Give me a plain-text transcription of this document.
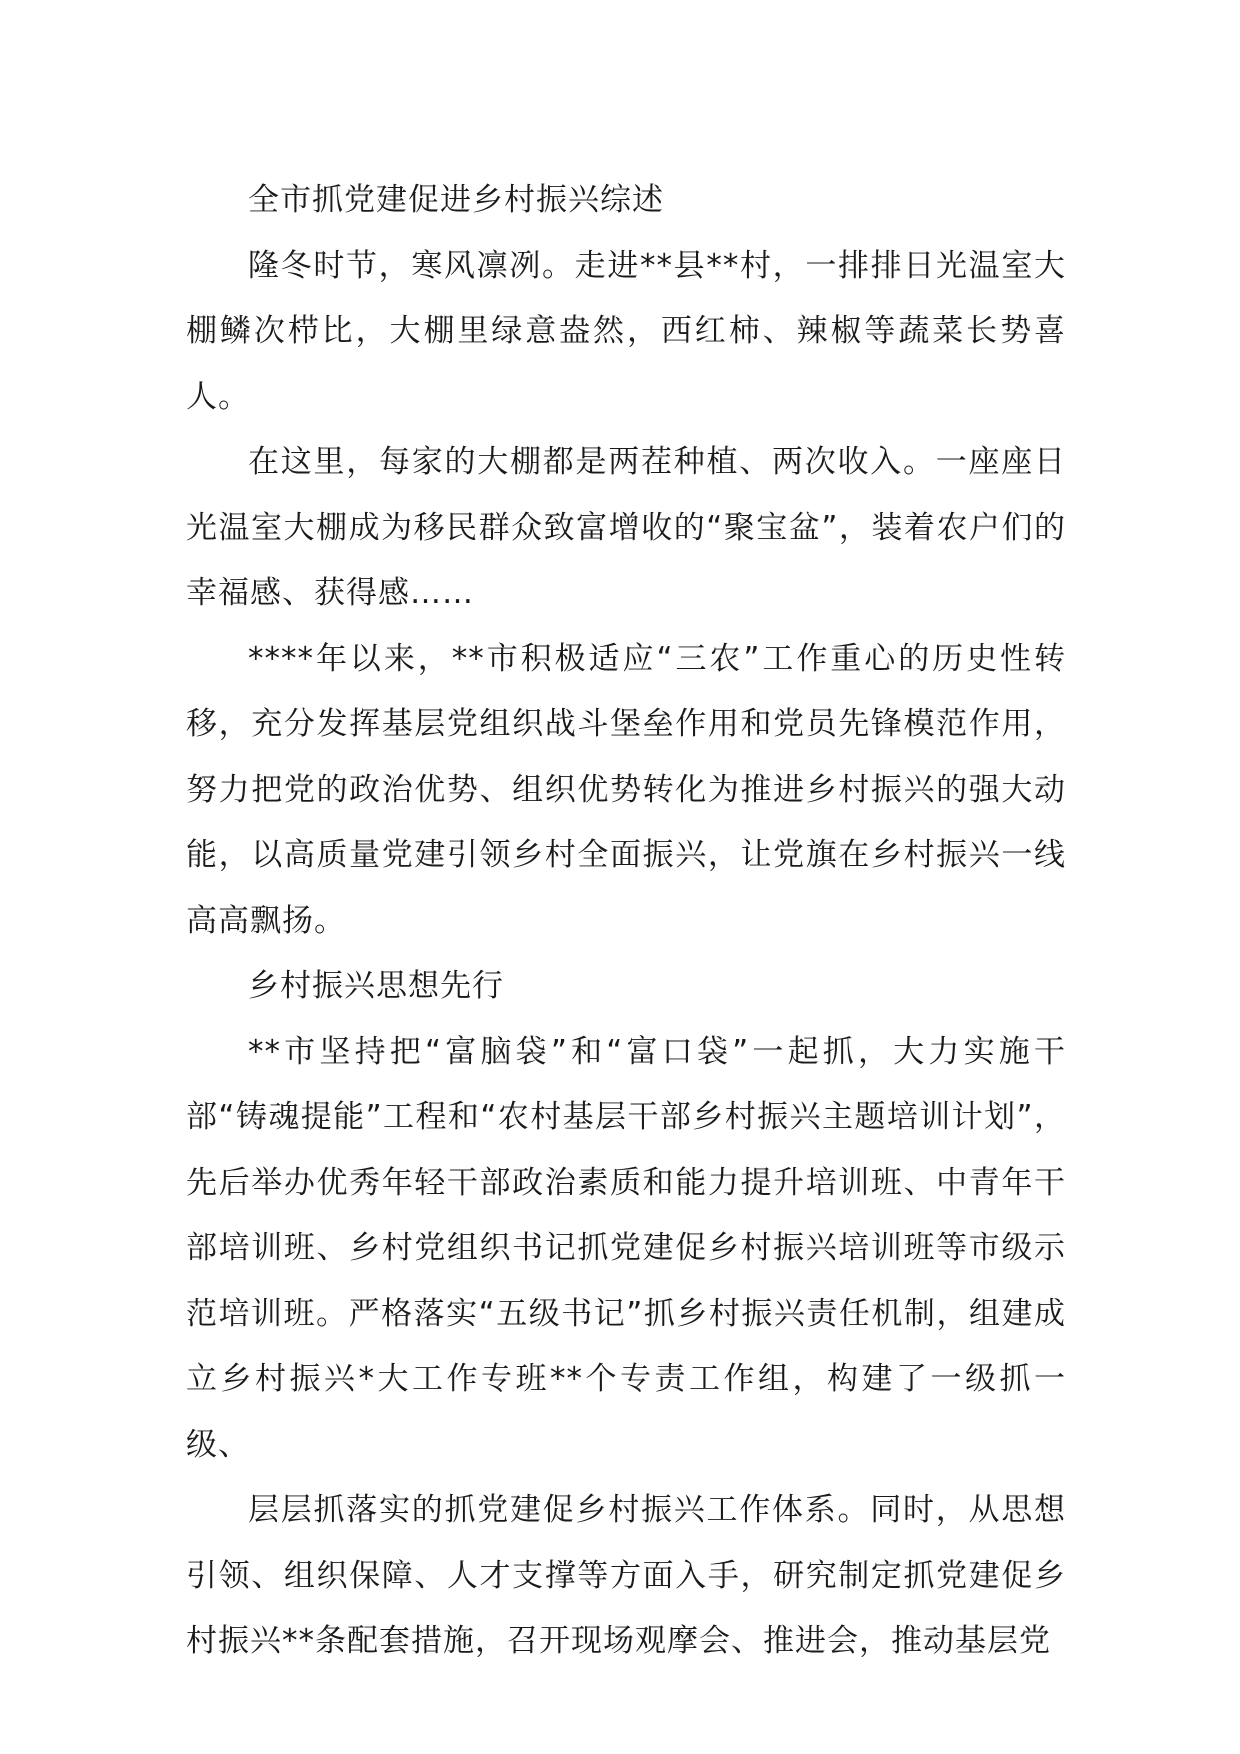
全市抓党建促进乡村振兴综述

隆冬时节，寒风凛冽。走进**县**村，一排排日光温室大棚鳞次栉比，大棚里绿意盎然，西红柿、辣椒等蔬菜长势喜人。

在这里，每家的大棚都是两茬种植、两次收入。一座座日光温室大棚成为移民群众致富增收的“聚宝盆”，装着农户们的幸福感、获得感……

****年以来，**市积极适应“三农”工作重心的历史性转移，充分发挥基层党组织战斗堡垒作用和党员先锋模范作用，努力把党的政治优势、组织优势转化为推进乡村振兴的强大动能，以高质量党建引领乡村全面振兴，让党旗在乡村振兴一线高高飘扬。

乡村振兴思想先行

**市坚持把“富脑袋”和“富口袋”一起抓，大力实施干部“铸魂提能”工程和“农村基层干部乡村振兴主题培训计划”，先后举办优秀年轻干部政治素质和能力提升培训班、中青年干部培训班、乡村党组织书记抓党建促乡村振兴培训班等市级示范培训班。严格落实“五级书记”抓乡村振兴责任机制，组建成立乡村振兴*大工作专班**个专责工作组，构建了一级抓一级、

层层抓落实的抓党建促乡村振兴工作体系。同时，从思想引领、组织保障、人才支撑等方面入手，研究制定抓党建促乡村振兴**条配套措施，召开现场观摩会、推进会，推动基层党
